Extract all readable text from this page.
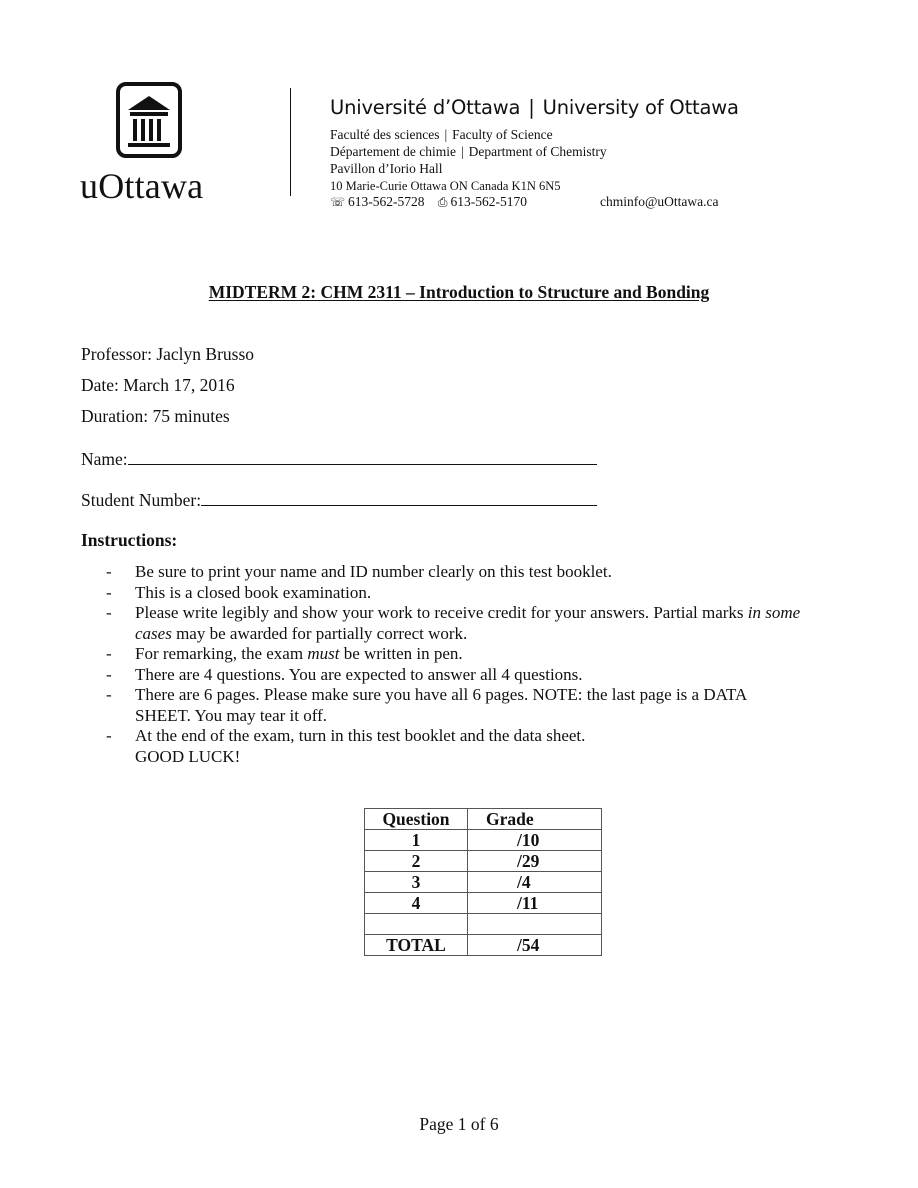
uOttawa
Université d’Ottawa | University of Ottawa
Faculté des sciences | Faculty of Science
Département de chimie | Department of Chemistry
Pavillon d’Iorio Hall
10 Marie-Curie Ottawa ON Canada K1N 6N5
☏ 613-562-5728 ⎙ 613-562-5170	chminfo@uOttawa.ca
MIDTERM 2: CHM 2311 – Introduction to Structure and Bonding
Professor: Jaclyn Brusso
Date: March 17, 2016
Duration: 75 minutes
Name:
Student Number:
Instructions:
- Be sure to print your name and ID number clearly on this test booklet.
- This is a closed book examination.
- Please write legibly and show your work to receive credit for your answers. Partial marks in some cases may be awarded for partially correct work.
- For remarking, the exam must be written in pen.
- There are 4 questions. You are expected to answer all 4 questions.
- There are 6 pages. Please make sure you have all 6 pages. NOTE: the last page is a DATA SHEET. You may tear it off.
- At the end of the exam, turn in this test booklet and the data sheet.
GOOD LUCK!
Question	Grade
1	/10
2	/29
3	/4
4	/11

TOTAL	/54
Page 1 of 6
